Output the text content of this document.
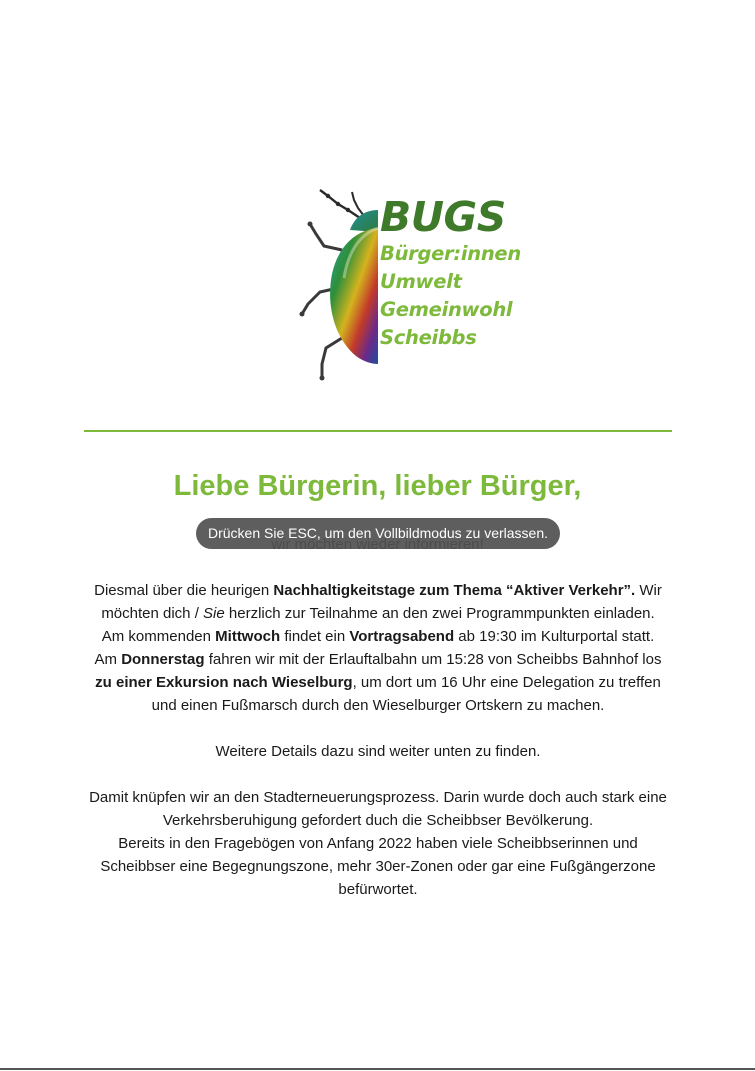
BUGS
Bürger:innen
Umwelt
Gemeinwohl
Scheibbs
Liebe Bürgerin, lieber Bürger,

Diesmal über die heurigen Nachhaltigkeitstage zum Thema “Aktiver Verkehr”. Wir möchten dich / Sie herzlich zur Teilnahme an den zwei Programmpunkten einladen.

Am kommenden Mittwoch findet ein Vortragsabend ab 19:30 im Kulturportal statt.

Am Donnerstag fahren wir mit der Erlauftalbahn um 15:28 von Scheibbs Bahnhof los zu einer Exkursion nach Wieselburg, um dort um 16 Uhr eine Delegation zu treffen und einen Fußmarsch durch den Wieselburger Ortskern zu machen.

Weitere Details dazu sind weiter unten zu finden.

Damit knüpfen wir an den Stadterneuerungsprozess. Darin wurde doch auch stark eine Verkehrsberuhigung gefordert duch die Scheibbser Bevölkerung.

Bereits in den Fragebögen von Anfang 2022 haben viele Scheibbserinnen und Scheibbser eine Begegnungszone, mehr 30er-Zonen oder gar eine Fußgängerzone befürwortet.

Drücken Sie ESC, um den Vollbildmodus zu verlassen.
